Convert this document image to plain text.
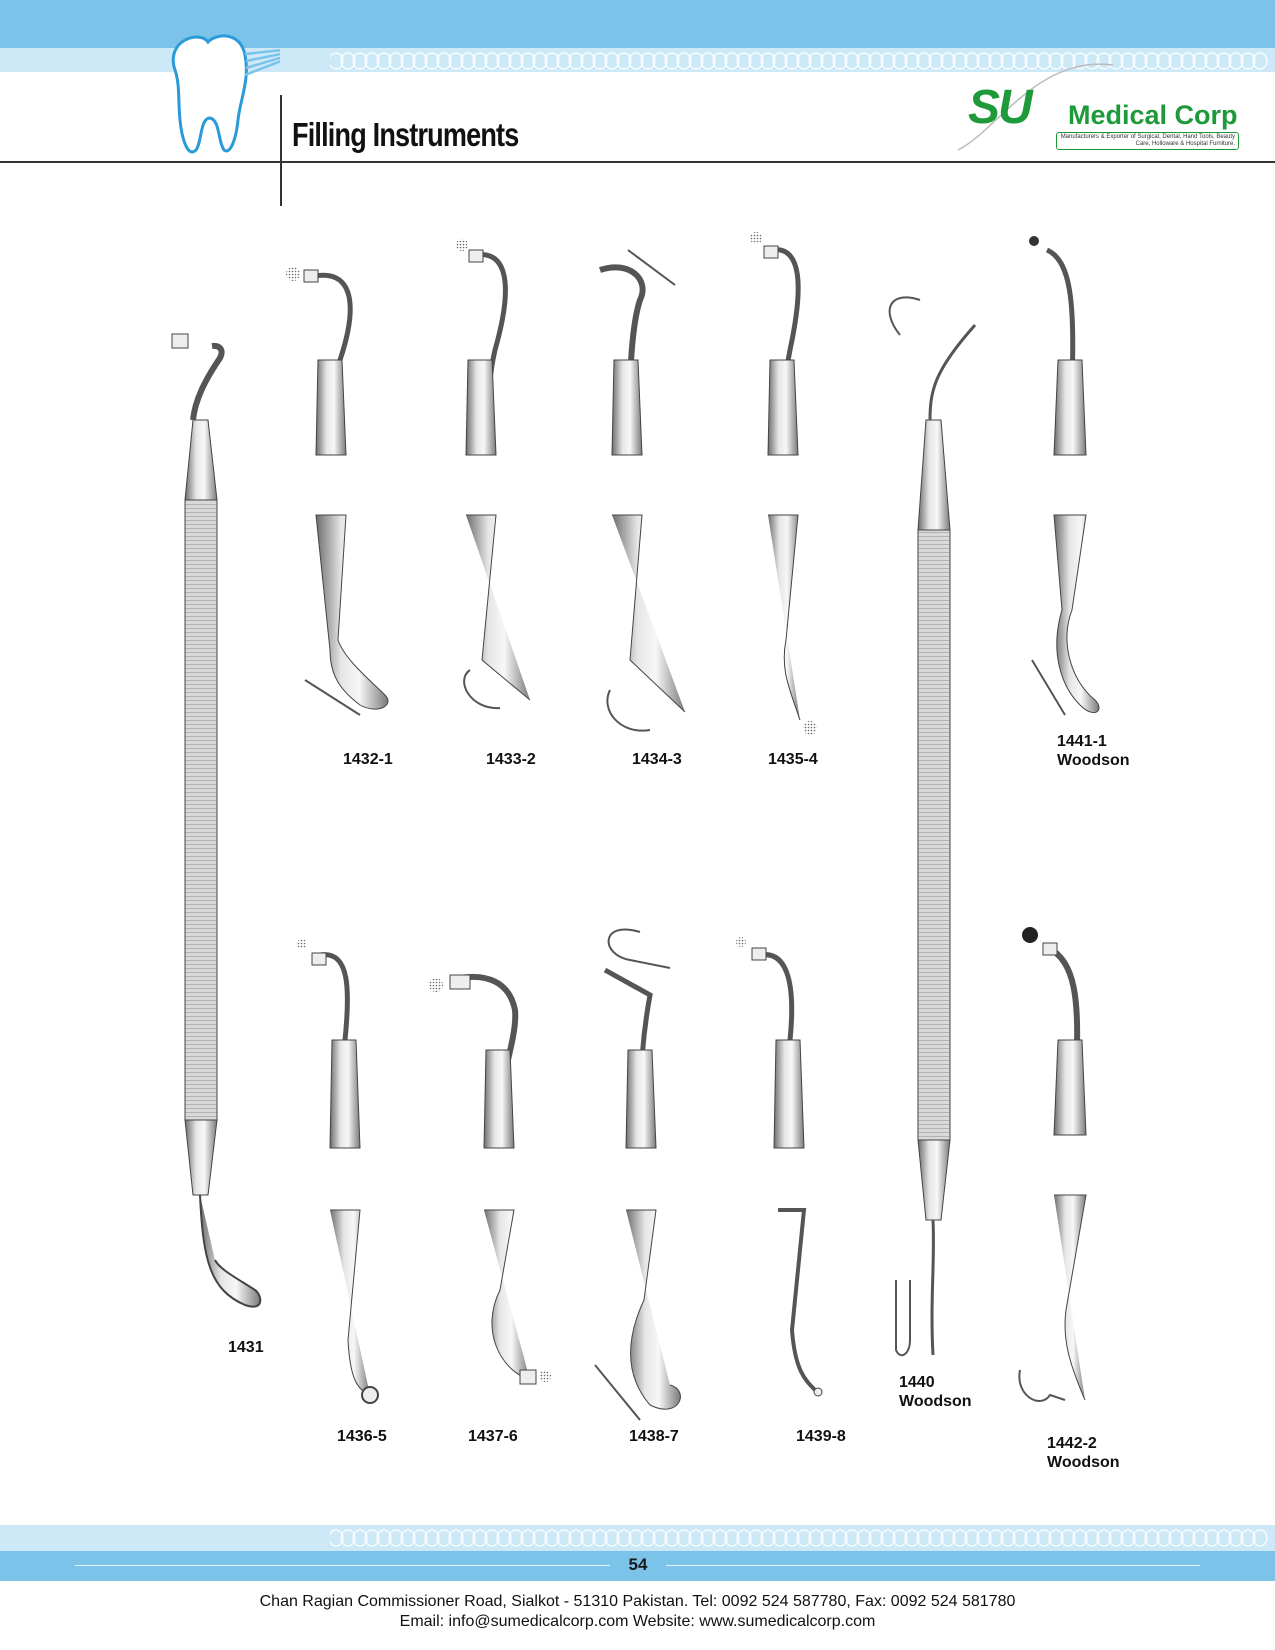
Filling Instruments
SU Medical Corp
Manufacturers & Exporter of Surgical, Dental, Hand Tools, Beauty Care, Holloware & Hospital Furniture.
1431
1432-1	1433-2	1434-3	1435-4
1441-1
Woodson
1436-5	1437-6	1438-7	1439-8
1440
Woodson
1442-2
Woodson
54
Chan Ragian Commissioner Road, Sialkot - 51310 Pakistan. Tel: 0092 524 587780, Fax: 0092 524 581780
Email: info@sumedicalcorp.com Website: www.sumedicalcorp.com
